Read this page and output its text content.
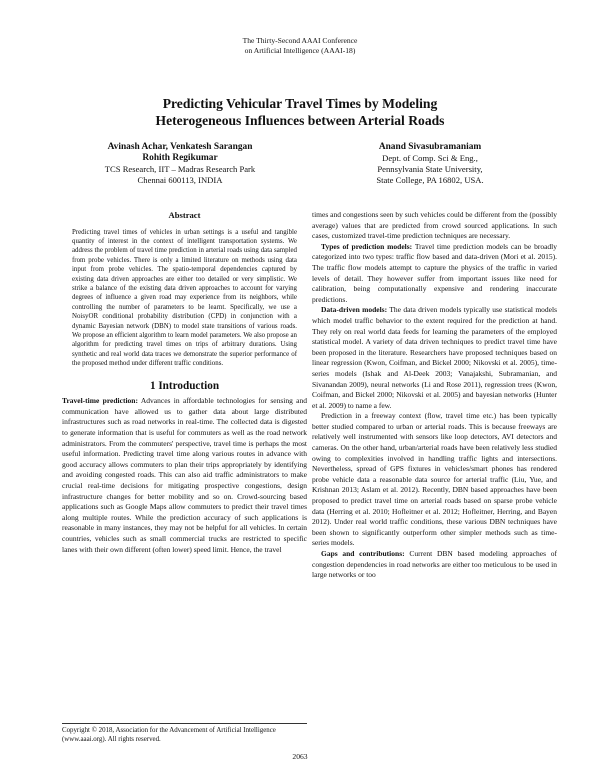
The Thirty-Second AAAI Conference
on Artificial Intelligence (AAAI-18)
Predicting Vehicular Travel Times by Modeling
Heterogeneous Influences between Arterial Roads
Avinash Achar, Venkatesh Sarangan
Rohith Regikumar
TCS Research, IIT – Madras Research Park
Chennai 600113, INDIA
Anand Sivasubramaniam
Dept. of Comp. Sci & Eng.,
Pennsylvania State University,
State College, PA 16802, USA.
Abstract
Predicting travel times of vehicles in urban settings is a useful and tangible quantity of interest in the context of intelligent transportation systems. We address the problem of travel time prediction in arterial roads using data sampled from probe vehicles. There is only a limited literature on methods using data input from probe vehicles. The spatio-temporal dependencies captured by existing data driven approaches are either too detailed or very simplistic. We strike a balance of the existing data driven approaches to account for varying degrees of influence a given road may experience from its neighbors, while controlling the number of parameters to be learnt. Specifically, we use a NoisyOR conditional probability distribution (CPD) in conjunction with a dynamic Bayesian network (DBN) to model state transitions of various roads. We propose an efficient algorithm to learn model parameters. We also propose an algorithm for predicting travel times on trips of arbitrary durations. Using synthetic and real world data traces we demonstrate the superior performance of the proposed method under different traffic conditions.
1 Introduction

Travel-time prediction: Advances in affordable technologies for sensing and communication have allowed us to gather data about large distributed infrastructures such as road networks in real-time. The collected data is digested to generate information that is useful for commuters as well as the road network administrators. From the commuters' perspective, travel time is perhaps the most useful information. Predicting travel time along various routes in advance with good accuracy allows commuters to plan their trips appropriately by identifying and avoiding congested roads. This can also aid traffic administrators to make crucial real-time decisions for mitigating prospective congestions, design infrastructure changes for better mobility and so on. Crowd-sourcing based applications such as Google Maps allow commuters to predict their travel times along multiple routes. While the prediction accuracy of such applications is reasonable in many instances, they may not be helpful for all vehicles. In certain countries, vehicles such as small commercial trucks are restricted to specific lanes with their own different (often lower) speed limit. Hence, the travel

Copyright © 2018, Association for the Advancement of Artificial Intelligence (www.aaai.org). All rights reserved.

times and congestions seen by such vehicles could be different from the (possibly average) values that are predicted from crowd sourced applications. In such cases, customized travel-time prediction techniques are necessary.

Types of prediction models: Travel time prediction models can be broadly categorized into two types: traffic flow based and data-driven (Mori et al. 2015). The traffic flow models attempt to capture the physics of the traffic in varied levels of detail. They however suffer from important issues like need for calibration, being computationally expensive and rendering inaccurate predictions.

Data-driven models: The data driven models typically use statistical models which model traffic behavior to the extent required for the prediction at hand. They rely on real world data feeds for learning the parameters of the employed statistical model. A variety of data driven techniques to predict travel time have been proposed in the literature. Researchers have proposed techniques based on linear regression (Kwon, Coifman, and Bickel 2000; Nikovski et al. 2005), time-series models (Ishak and Al-Deek 2003; Vanajakshi, Subramanian, and Sivanandan 2009), neural networks (Li and Rose 2011), regression trees (Kwon, Coifman, and Bickel 2000; Nikovski et al. 2005) and bayesian networks (Hunter et al. 2009) to name a few.

Prediction in a freeway context (flow, travel time etc.) has been typically better studied compared to urban or arterial roads. This is because freeways are relatively well instrumented with sensors like loop detectors, AVI detectors and cameras. On the other hand, urban/arterial roads have been relatively less studied owing to complexities involved in handling traffic lights and intersections. Nevertheless, spread of GPS fixtures in vehicles/smart phones has rendered probe vehicle data a reasonable data source for arterial traffic (Liu, Yue, and Krishnan 2013; Aslam et al. 2012). Recently, DBN based approaches have been proposed to predict travel time on arterial roads based on sparse probe vehicle data (Herring et al. 2010; Hofleitner et al. 2012; Hofleitner, Herring, and Bayen 2012). Under real world traffic conditions, these various DBN techniques have been shown to significantly outperform other simpler methods such as time-series models.

Gaps and contributions: Current DBN based modeling approaches of congestion dependencies in road networks are either too meticulous to be used in large networks or too

2063
